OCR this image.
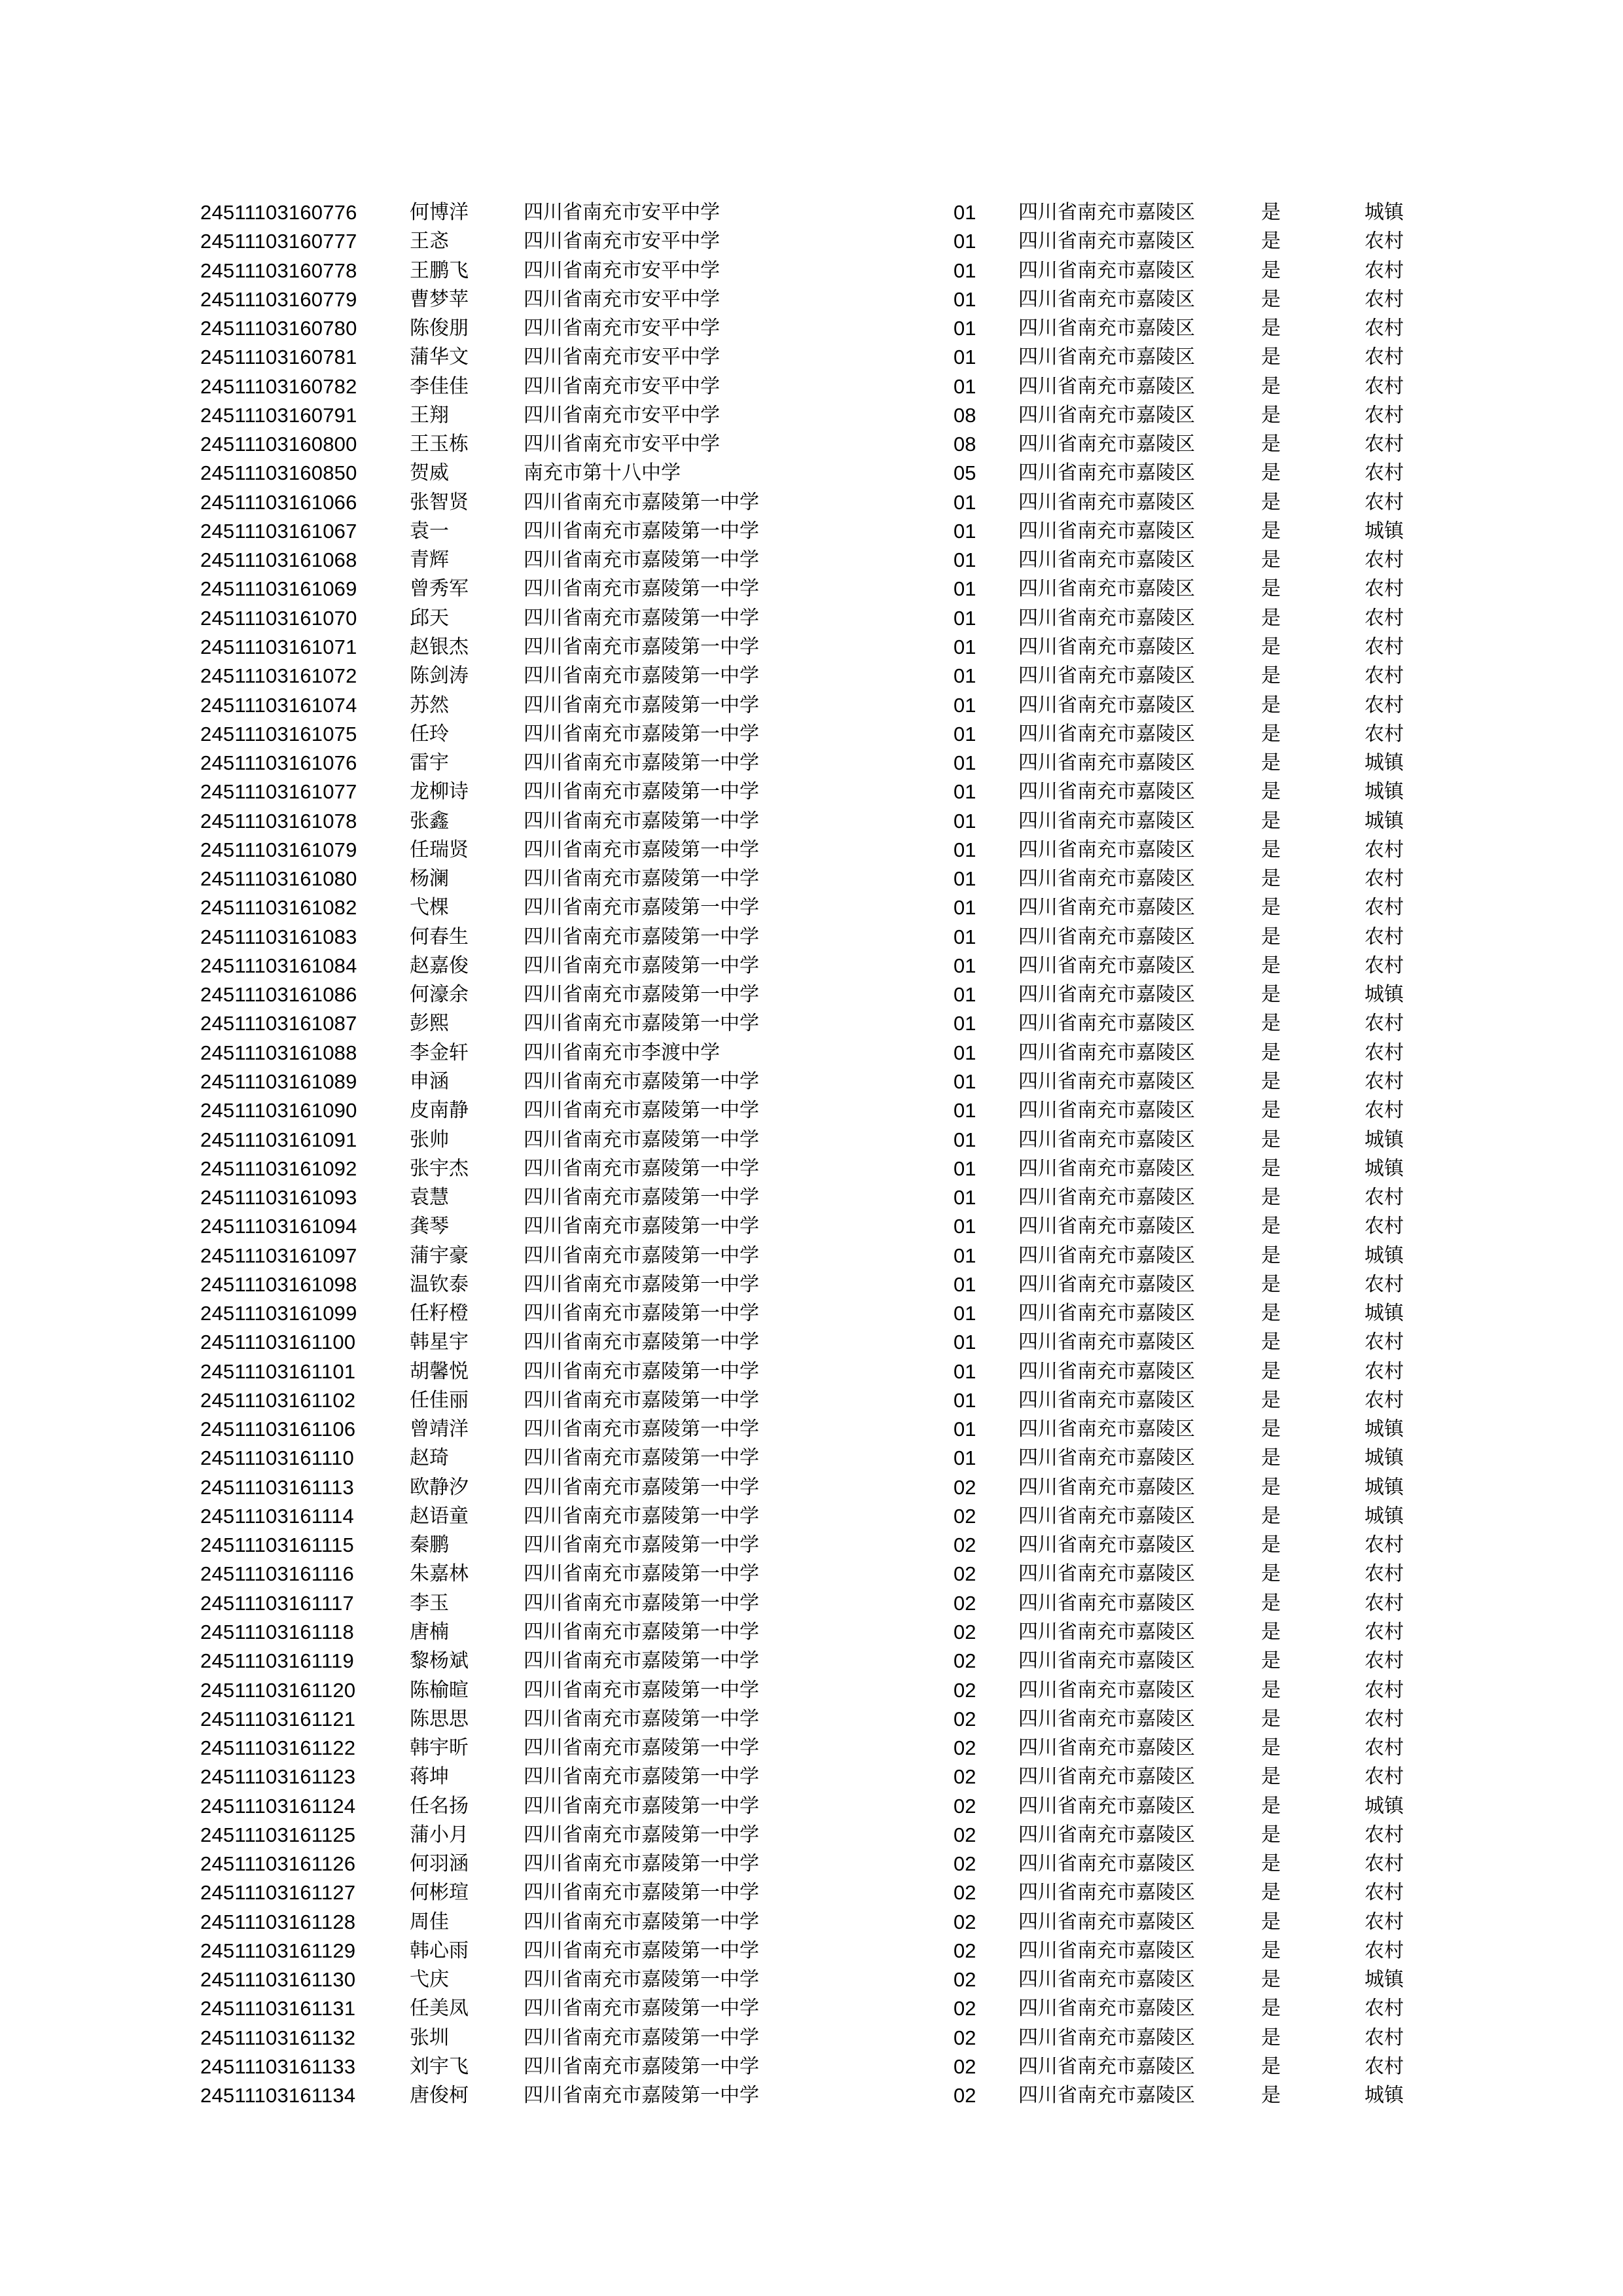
24511103160776	何博洋	四川省南充市安平中学	01 四川省南充市嘉陵区	是	城镇
24511103160777	王忞	四川省南充市安平中学	01 四川省南充市嘉陵区	是	农村
24511103160778	王鹏飞	四川省南充市安平中学	01 四川省南充市嘉陵区	是	农村
24511103160779	曹梦苹	四川省南充市安平中学	01 四川省南充市嘉陵区	是	农村
24511103160780	陈俊朋	四川省南充市安平中学	01 四川省南充市嘉陵区	是	农村
24511103160781	蒲华文	四川省南充市安平中学	01 四川省南充市嘉陵区	是	农村
24511103160782	李佳佳	四川省南充市安平中学	01 四川省南充市嘉陵区	是	农村
24511103160791	王翔	四川省南充市安平中学	08 四川省南充市嘉陵区	是	农村
24511103160800	王玉栋	四川省南充市安平中学	08 四川省南充市嘉陵区	是	农村
24511103160850	贺威	南充市第十八中学	05 四川省南充市嘉陵区	是	农村
24511103161066	张智贤	四川省南充市嘉陵第一中学	01 四川省南充市嘉陵区	是	农村
24511103161067	袁一	四川省南充市嘉陵第一中学	01 四川省南充市嘉陵区	是	城镇
24511103161068	青辉	四川省南充市嘉陵第一中学	01 四川省南充市嘉陵区	是	农村
24511103161069	曾秀军	四川省南充市嘉陵第一中学	01 四川省南充市嘉陵区	是	农村
24511103161070	邱天	四川省南充市嘉陵第一中学	01 四川省南充市嘉陵区	是	农村
24511103161071	赵银杰	四川省南充市嘉陵第一中学	01 四川省南充市嘉陵区	是	农村
24511103161072	陈剑涛	四川省南充市嘉陵第一中学	01 四川省南充市嘉陵区	是	农村
24511103161074	苏然	四川省南充市嘉陵第一中学	01 四川省南充市嘉陵区	是	农村
24511103161075	任玲	四川省南充市嘉陵第一中学	01 四川省南充市嘉陵区	是	农村
24511103161076	雷宇	四川省南充市嘉陵第一中学	01 四川省南充市嘉陵区	是	城镇
24511103161077	龙柳诗	四川省南充市嘉陵第一中学	01 四川省南充市嘉陵区	是	城镇
24511103161078	张鑫	四川省南充市嘉陵第一中学	01 四川省南充市嘉陵区	是	城镇
24511103161079	任瑞贤	四川省南充市嘉陵第一中学	01 四川省南充市嘉陵区	是	农村
24511103161080	杨澜	四川省南充市嘉陵第一中学	01 四川省南充市嘉陵区	是	农村
24511103161082	弋棵	四川省南充市嘉陵第一中学	01 四川省南充市嘉陵区	是	农村
24511103161083	何春生	四川省南充市嘉陵第一中学	01 四川省南充市嘉陵区	是	农村
24511103161084	赵嘉俊	四川省南充市嘉陵第一中学	01 四川省南充市嘉陵区	是	农村
24511103161086	何濠余	四川省南充市嘉陵第一中学	01 四川省南充市嘉陵区	是	城镇
24511103161087	彭熙	四川省南充市嘉陵第一中学	01 四川省南充市嘉陵区	是	农村
24511103161088	李金轩	四川省南充市李渡中学	01 四川省南充市嘉陵区	是	农村
24511103161089	申涵	四川省南充市嘉陵第一中学	01 四川省南充市嘉陵区	是	农村
24511103161090	皮南静	四川省南充市嘉陵第一中学	01 四川省南充市嘉陵区	是	农村
24511103161091	张帅	四川省南充市嘉陵第一中学	01 四川省南充市嘉陵区	是	城镇
24511103161092	张宇杰	四川省南充市嘉陵第一中学	01 四川省南充市嘉陵区	是	城镇
24511103161093	袁慧	四川省南充市嘉陵第一中学	01 四川省南充市嘉陵区	是	农村
24511103161094	龚琴	四川省南充市嘉陵第一中学	01 四川省南充市嘉陵区	是	农村
24511103161097	蒲宇豪	四川省南充市嘉陵第一中学	01 四川省南充市嘉陵区	是	城镇
24511103161098	温钦泰	四川省南充市嘉陵第一中学	01 四川省南充市嘉陵区	是	农村
24511103161099	任籽橙	四川省南充市嘉陵第一中学	01 四川省南充市嘉陵区	是	城镇
24511103161100	韩星宇	四川省南充市嘉陵第一中学	01 四川省南充市嘉陵区	是	农村
24511103161101	胡馨悦	四川省南充市嘉陵第一中学	01 四川省南充市嘉陵区	是	农村
24511103161102	任佳丽	四川省南充市嘉陵第一中学	01 四川省南充市嘉陵区	是	农村
24511103161106	曾靖洋	四川省南充市嘉陵第一中学	01 四川省南充市嘉陵区	是	城镇
24511103161110	赵琦	四川省南充市嘉陵第一中学	01 四川省南充市嘉陵区	是	城镇
24511103161113	欧静汐	四川省南充市嘉陵第一中学	02 四川省南充市嘉陵区	是	城镇
24511103161114	赵语童	四川省南充市嘉陵第一中学	02 四川省南充市嘉陵区	是	城镇
24511103161115	秦鹏	四川省南充市嘉陵第一中学	02 四川省南充市嘉陵区	是	农村
24511103161116	朱嘉林	四川省南充市嘉陵第一中学	02 四川省南充市嘉陵区	是	农村
24511103161117	李玉	四川省南充市嘉陵第一中学	02 四川省南充市嘉陵区	是	农村
24511103161118	唐楠	四川省南充市嘉陵第一中学	02 四川省南充市嘉陵区	是	农村
24511103161119	黎杨斌	四川省南充市嘉陵第一中学	02 四川省南充市嘉陵区	是	农村
24511103161120	陈榆暄	四川省南充市嘉陵第一中学	02 四川省南充市嘉陵区	是	农村
24511103161121	陈思思	四川省南充市嘉陵第一中学	02 四川省南充市嘉陵区	是	农村
24511103161122	韩宇昕	四川省南充市嘉陵第一中学	02 四川省南充市嘉陵区	是	农村
24511103161123	蒋坤	四川省南充市嘉陵第一中学	02 四川省南充市嘉陵区	是	农村
24511103161124	任名扬	四川省南充市嘉陵第一中学	02 四川省南充市嘉陵区	是	城镇
24511103161125	蒲小月	四川省南充市嘉陵第一中学	02 四川省南充市嘉陵区	是	农村
24511103161126	何羽涵	四川省南充市嘉陵第一中学	02 四川省南充市嘉陵区	是	农村
24511103161127	何彬瑄	四川省南充市嘉陵第一中学	02 四川省南充市嘉陵区	是	农村
24511103161128	周佳	四川省南充市嘉陵第一中学	02 四川省南充市嘉陵区	是	农村
24511103161129	韩心雨	四川省南充市嘉陵第一中学	02 四川省南充市嘉陵区	是	农村
24511103161130	弋庆	四川省南充市嘉陵第一中学	02 四川省南充市嘉陵区	是	城镇
24511103161131	任美凤	四川省南充市嘉陵第一中学	02 四川省南充市嘉陵区	是	农村
24511103161132	张圳	四川省南充市嘉陵第一中学	02 四川省南充市嘉陵区	是	农村
24511103161133	刘宇飞	四川省南充市嘉陵第一中学	02 四川省南充市嘉陵区	是	农村
24511103161134	唐俊柯	四川省南充市嘉陵第一中学	02 四川省南充市嘉陵区	是	城镇
